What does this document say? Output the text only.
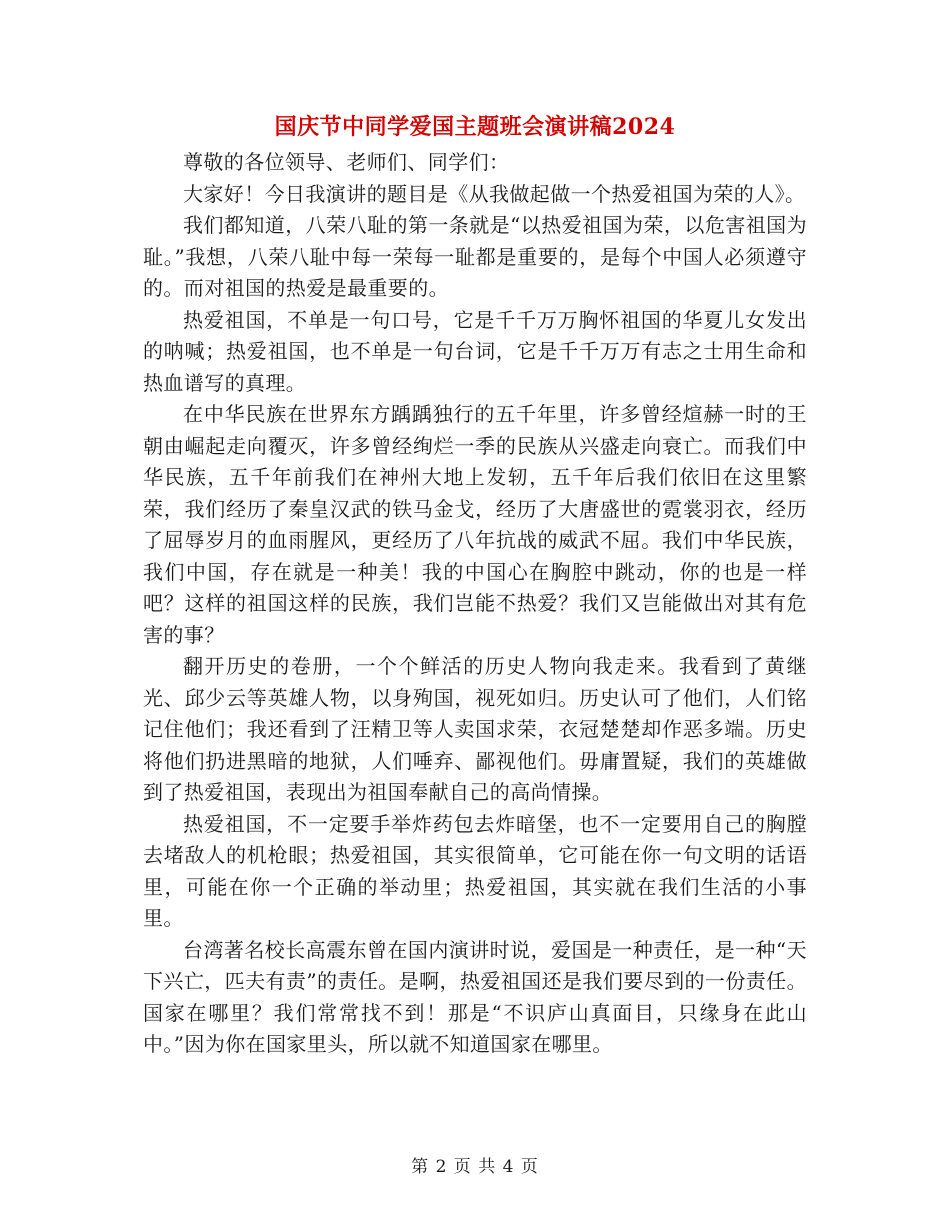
国庆节中同学爱国主题班会演讲稿2024

尊敬的各位领导、老师们、同学们：

大家好！今日我演讲的题目是《从我做起做一个热爱祖国为荣的人》。

我们都知道，八荣八耻的第一条就是“以热爱祖国为荣，以危害祖国为耻。”我想，八荣八耻中每一荣每一耻都是重要的，是每个中国人必须遵守的。而对祖国的热爱是最重要的。

热爱祖国，不单是一句口号，它是千千万万胸怀祖国的华夏儿女发出的呐喊；热爱祖国，也不单是一句台词，它是千千万万有志之士用生命和热血谱写的真理。

在中华民族在世界东方踽踽独行的五千年里，许多曾经煊赫一时的王朝由崛起走向覆灭，许多曾经绚烂一季的民族从兴盛走向衰亡。而我们中华民族，五千年前我们在神州大地上发轫，五千年后我们依旧在这里繁荣，我们经历了秦皇汉武的铁马金戈，经历了大唐盛世的霓裳羽衣，经历了屈辱岁月的血雨腥风，更经历了八年抗战的威武不屈。我们中华民族，我们中国，存在就是一种美！我的中国心在胸腔中跳动，你的也是一样吧？这样的祖国这样的民族，我们岂能不热爱？我们又岂能做出对其有危害的事？

翻开历史的卷册，一个个鲜活的历史人物向我走来。我看到了黄继光、邱少云等英雄人物，以身殉国，视死如归。历史认可了他们，人们铭记住他们；我还看到了汪精卫等人卖国求荣，衣冠楚楚却作恶多端。历史将他们扔进黑暗的地狱，人们唾弃、鄙视他们。毋庸置疑，我们的英雄做到了热爱祖国，表现出为祖国奉献自己的高尚情操。

热爱祖国，不一定要手举炸药包去炸暗堡，也不一定要用自己的胸膛去堵敌人的机枪眼；热爱祖国，其实很简单，它可能在你一句文明的话语里，可能在你一个正确的举动里；热爱祖国，其实就在我们生活的小事里。

台湾著名校长高震东曾在国内演讲时说，爱国是一种责任，是一种“天下兴亡，匹夫有责”的责任。是啊，热爱祖国还是我们要尽到的一份责任。国家在哪里？我们常常找不到！那是“不识庐山真面目，只缘身在此山中。”因为你在国家里头，所以就不知道国家在哪里。

第 2 页 共 4 页
